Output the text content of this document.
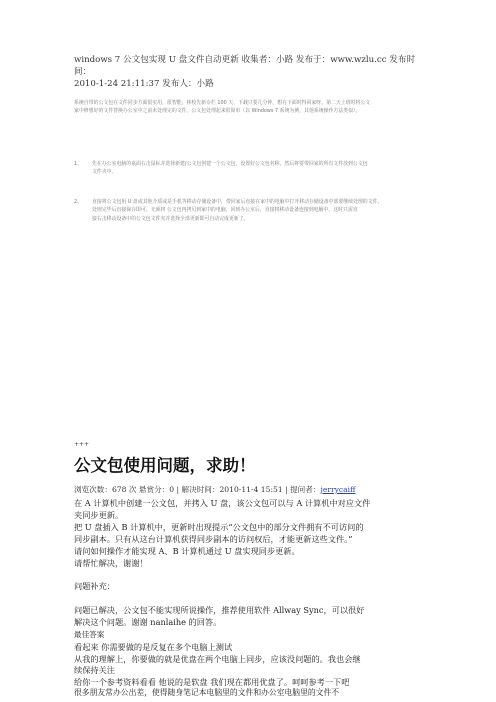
windows 7 公文包实现 U 盘文件自动更新 收集者：小路 发布于：www.wzlu.cc 发布时间：
2010-1-24 21:11:37 发布人：小路
系统自带的公文包在文件同步方面很实用，很智能，林校先新专栏 100 天，下载只要几分钟，想在下面时得回家呀，第二天上班时将公文
家中修想好的文件替换办公室中之前未处理完的文件。公文包处理起来很简单（以 Windows 7 系统为例，其他系统操作方法类似）。
1、 先在办公室电脑的桌面右击鼠标并选择新建/公文包创建一个公文包，设置好公文包名称，然后将要带回家的所有文件放到公文包
文件夹中。
2、 直接将公文包用 U 盘或其他介质或是手机等移动存储设备中，带回家后直接在家中的电脑中打开移动存储设备中部要继续处理的文件，
处理完毕后直接保存即可。无须将 公文包再拷贝到家中的电脑，回到办公室后，直接将移动设备连接到电脑中，这时只需直
接右击移动设备中的公文包文件夹并选择全部更新即可自动完成更新了。
+++
公文包使用问题，求助！
浏览次数：678 次 悬赏分：0 | 解决时间：2010-11-4 15:51 | 提问者：jerrycaiff
在 A 计算机中创建一公文包，并拷入 U 盘，该公文包可以与 A 计算机中对应文件
夹同步更新。
把 U 盘插入 B 计算机中，更新时出现提示“公文包中的部分文件拥有不可访问的
同步副本。只有从这台计算机获得同步副本的访问权后，才能更新这些文件。”
请问如何操作才能实现 A、B 计算机通过 U 盘实现同步更新。
请帮忙解决，谢谢！
问题补充：
问题已解决，公文包不能实现所说操作，推荐使用软件 Allway Sync，可以很好
解决这个问题。谢谢 nanlaihe 的回答。
最佳答案
看起来 你需要做的是反复在多个电脑上测试
从我的理解上，你要做的就是优盘在两个电脑上同步，应该没问题的。我也会继
续保持关注
给你一个参考资料看看 他说的是软盘 我们现在都用优盘了。呵呵参考一下吧
很多朋友常办公出差，使得随身笔记本电脑里的文件和办公室电脑里的文件不
